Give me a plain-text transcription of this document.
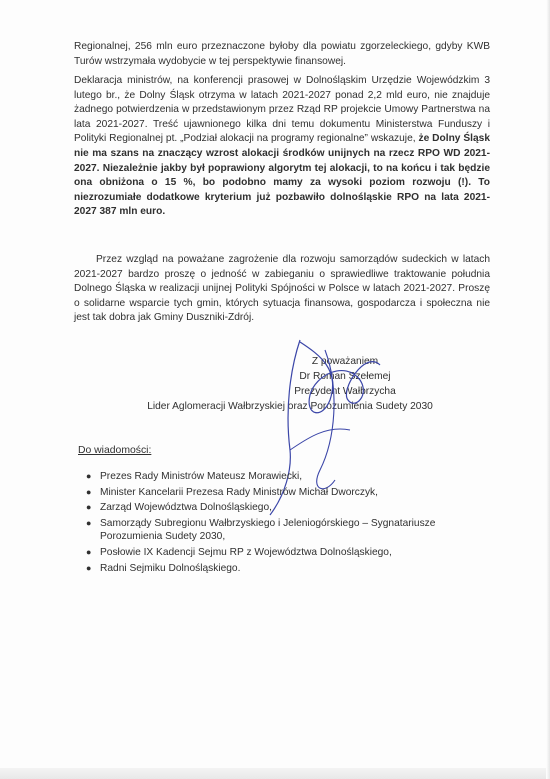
Regionalnej, 256 mln euro przeznaczone byłoby dla powiatu zgorzeleckiego, gdyby KWB Turów wstrzymała wydobycie w tej perspektywie finansowej.
Deklaracja ministrów, na konferencji prasowej w Dolnośląskim Urzędzie Wojewódzkim 3 lutego br., że Dolny Śląsk otrzyma w latach 2021-2027 ponad 2,2 mld euro, nie znajduje żadnego potwierdzenia w przedstawionym przez Rząd RP projekcie Umowy Partnerstwa na lata 2021-2027. Treść ujawnionego kilka dni temu dokumentu Ministerstwa Funduszy i Polityki Regionalnej pt. „Podział alokacji na programy regionalne” wskazuje, że Dolny Śląsk nie ma szans na znaczący wzrost alokacji środków unijnych na rzecz RPO WD 2021-2027. Niezależnie jakby był poprawiony algorytm tej alokacji, to na końcu i tak będzie ona obniżona o 15 %, bo podobno mamy za wysoki poziom rozwoju (!). To niezrozumiałe dodatkowe kryterium już pozbawiło dolnośląskie RPO na lata 2021-2027 387 mln euro.
Przez wzgląd na poważane zagrożenie dla rozwoju samorządów sudeckich w latach 2021-2027 bardzo proszę o jedność w zabieganiu o sprawiedliwe traktowanie południa Dolnego Śląska w realizacji unijnej Polityki Spójności w Polsce w latach 2021-2027. Proszę o solidarne wsparcie tych gmin, których sytuacja finansowa, gospodarcza i społeczna nie jest tak dobra jak Gminy Duszniki-Zdrój.
Z poważaniem
Dr Roman Szełemej
Prezydent Wałbrzycha
Lider Aglomeracji Wałbrzyskiej oraz Porozumienia Sudety 2030
Do wiadomości:
● Prezes Rady Ministrów Mateusz Morawiecki,
● Minister Kancelarii Prezesa Rady Ministrów Michał Dworczyk,
● Zarząd Województwa Dolnośląskiego,
● Samorządy Subregionu Wałbrzyskiego i Jeleniogórskiego – Sygnatariusze Porozumienia Sudety 2030,
● Posłowie IX Kadencji Sejmu RP z Województwa Dolnośląskiego,
● Radni Sejmiku Dolnośląskiego.
